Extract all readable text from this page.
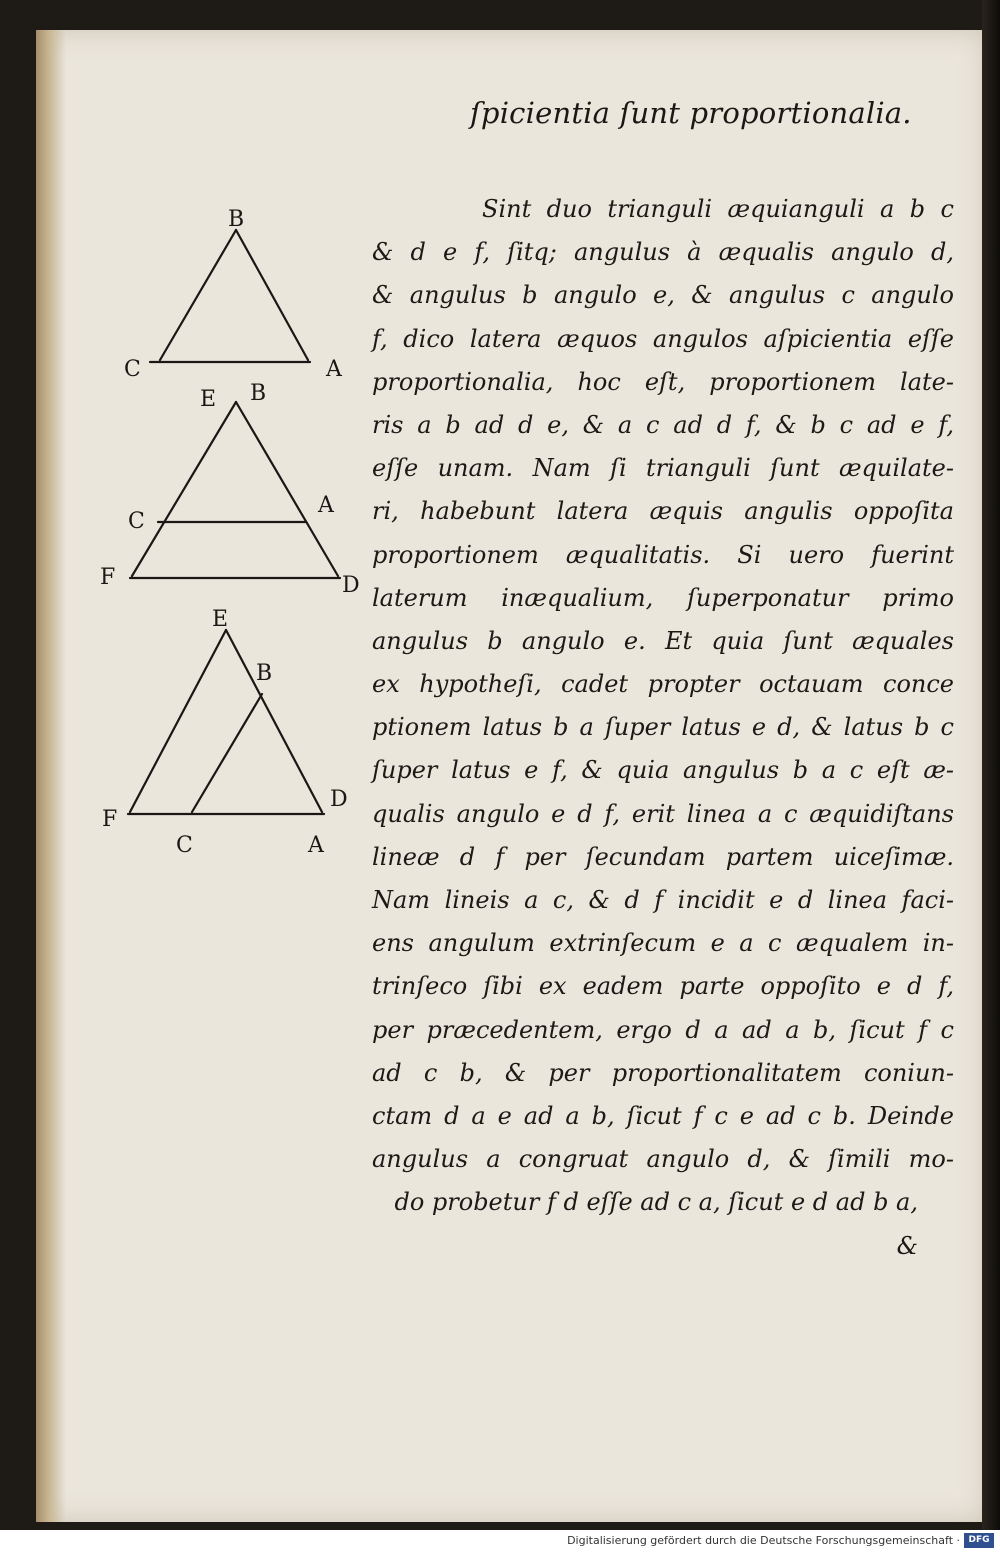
ſpicientia ſunt proportionalia.
Sint duo trianguli æquianguli a b c
& d e f, ſitq; angulus à æqualis angulo d,
& angulus b angulo e, & angulus c angulo
f, dico latera æquos angulos aſpicientia eſſe
proportionalia, hoc eſt, proportionem late-
ris a b ad d e, & a c ad d f, & b c ad e f,
eſſe unam. Nam ſi trianguli ſunt æquilate-
ri, habebunt latera æquis angulis oppoſita
proportionem æqualitatis. Si uero fuerint
laterum inæqualium, ſuperponatur primo
angulus b angulo e. Et quia ſunt æquales
ex hypotheſi, cadet propter octauam conce
ptionem latus b a ſuper latus e d, & latus b c
ſuper latus e f, & quia angulus b a c eſt æ-
qualis angulo e d f, erit linea a c æquidiſtans
lineæ d f per ſecundam partem uiceſimæ.
Nam lineis a c, & d f incidit e d linea faci-
ens angulum extrinſecum e a c æqualem in-
trinſeco ſibi ex eadem parte oppoſito e d f,
per præcedentem, ergo d a ad a b, ſicut f c
ad c b, & per proportionalitatem coniun-
ctam d a e ad a b, ſicut f c e ad c b. Deinde
angulus a congruat angulo d, & ſimili mo-
do probetur f d eſſe ad c a, ſicut e d ad b a,
&
B
C	A
E B
C
A
F	D
E
B
F
C
D
A
Digitalisierung gefördert durch die Deutsche Forschungsgemeinschaft · DFG
